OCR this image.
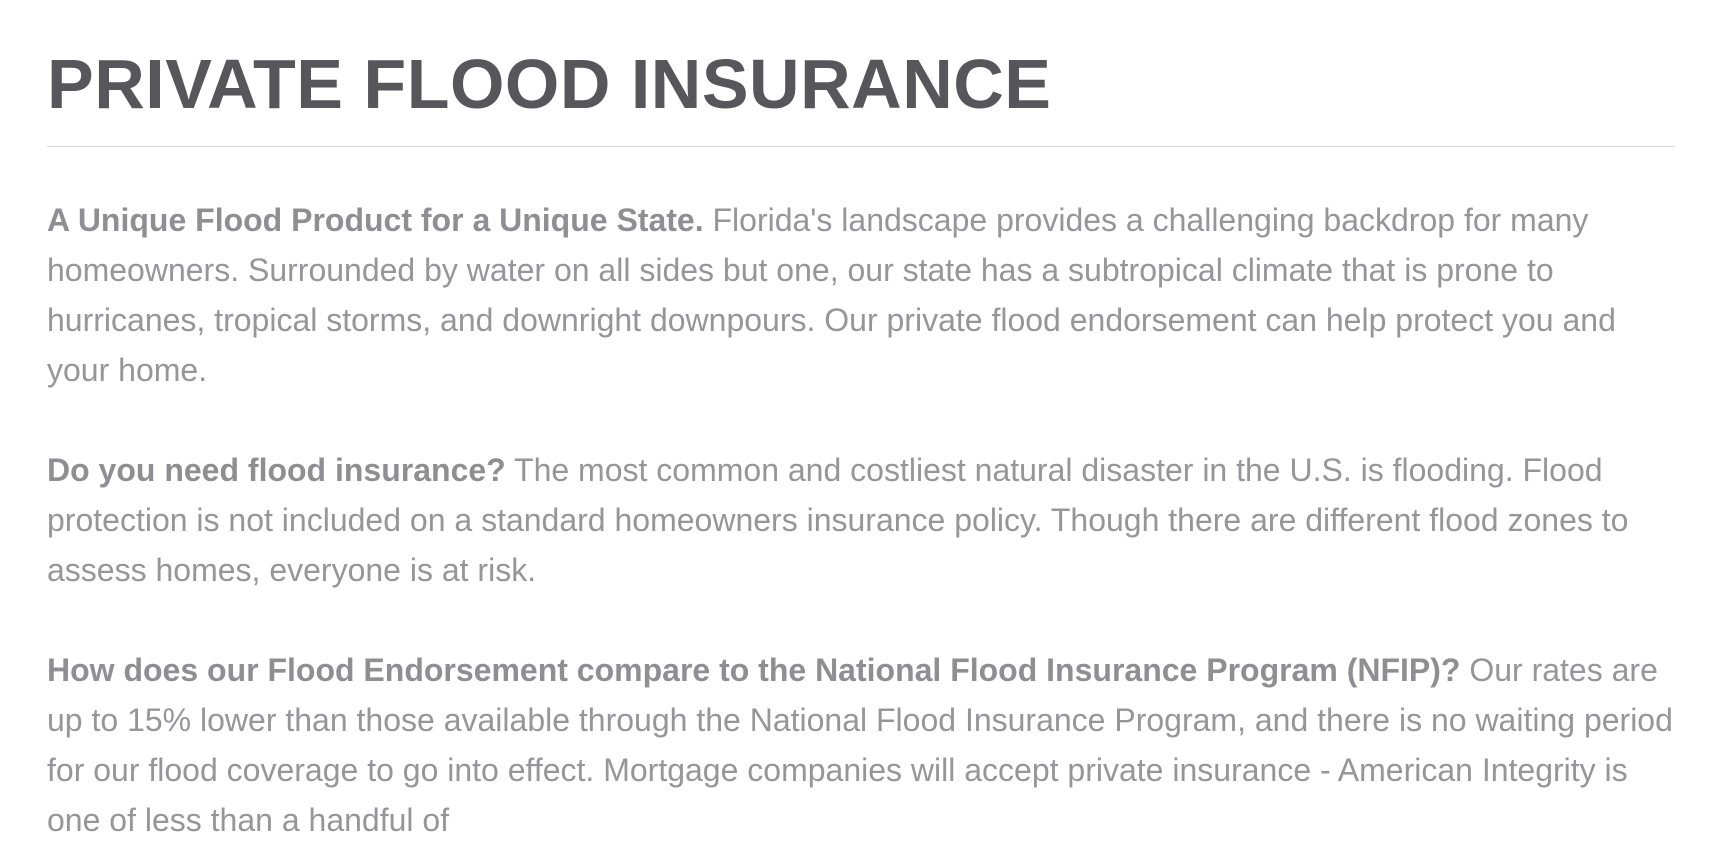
PRIVATE FLOOD INSURANCE

A Unique Flood Product for a Unique State. Florida's landscape provides a challenging backdrop for many homeowners. Surrounded by water on all sides but one, our state has a subtropical climate that is prone to hurricanes, tropical storms, and downright downpours. Our private flood endorsement can help protect you and your home.

Do you need flood insurance? The most common and costliest natural disaster in the U.S. is flooding. Flood protection is not included on a standard homeowners insurance policy. Though there are different flood zones to assess homes, everyone is at risk.

How does our Flood Endorsement compare to the National Flood Insurance Program (NFIP)? Our rates are up to 15% lower than those available through the National Flood Insurance Program, and there is no waiting period for our flood coverage to go into effect. Mortgage companies will accept private insurance - American Integrity is one of less than a handful of
